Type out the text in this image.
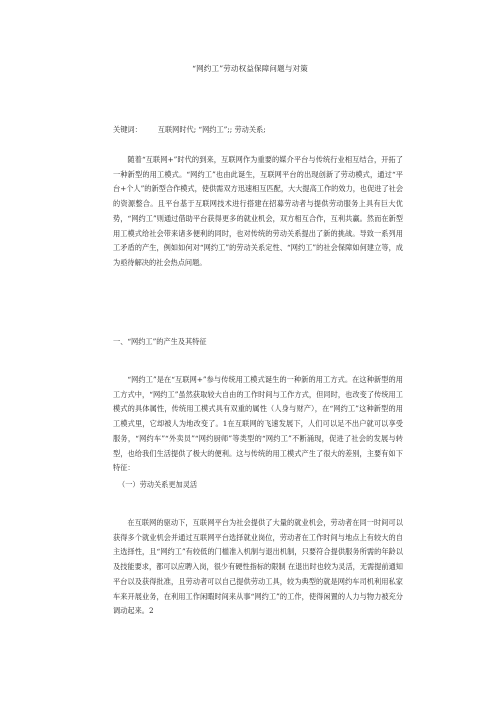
“网约工”劳动权益保障问题与对策
关键词： 互联网时代; “网约工”;; 劳动关系;

随着“互联网+”时代的到来，互联网作为重要的媒介平台与传统行业相互结合，开拓了一种新型的用工模式。“网约工”也由此诞生，互联网平台的出现创新了劳动模式，通过“平台+个人”的新型合作模式，使供需双方迅速相互匹配，大大提高工作的效力，也促进了社会的资源整合。且平台基于互联网技术进行搭建在招募劳动者与提供劳动服务上具有巨大优势，“网约工”则通过借助平台获得更多的就业机会，双方相互合作，互利共赢。然而在新型用工模式给社会带来诸多便利的同时，也对传统的劳动关系提出了新的挑战。导致一系列用工矛盾的产生，例如如何对“网约工”的劳动关系定性、“网约工”的社会保障如何建立等，成为亟待解决的社会热点问题。

一、“网约工”的产生及其特征

“网约工”是在“互联网+”参与传统用工模式诞生的一种新的用工方式。在这种新型的用工方式中，“网约工”虽然获取较大自由的工作时间与工作方式，但同时，也改变了传统用工模式的具体属性，传统用工模式具有双重的属性（人身与财产），在“网约工”这种新型的用工模式里，它却被人为地改变了。1在互联网的飞速发展下，人们可以足不出户就可以享受服务，“网约车”“外卖员”“网约厨师”等类型的“网约工”不断涌现，促进了社会的发展与转型，也给我们生活提供了极大的便利。这与传统的用工模式产生了很大的差别，主要有如下特征：

（一）劳动关系更加灵活

在互联网的驱动下，互联网平台为社会提供了大量的就业机会，劳动者在同一时间可以获得多个就业机会并通过互联网平台选择就业岗位，劳动者在工作时间与地点上有较大的自主选择性，且“网约工”有较低的门槛准入机制与退出机制，只要符合提供服务所需的年龄以及技能要求，都可以应聘入岗，很少有硬性指标的限制 在退出时也较为灵活，无需提前通知平台以及获得批准，且劳动者可以自己提供劳动工具，较为典型的就是网约车司机利用私家车来开展业务，在利用工作闲暇时间来从事“网约工”的工作，使得闲置的人力与物力被充分调动起来。2
